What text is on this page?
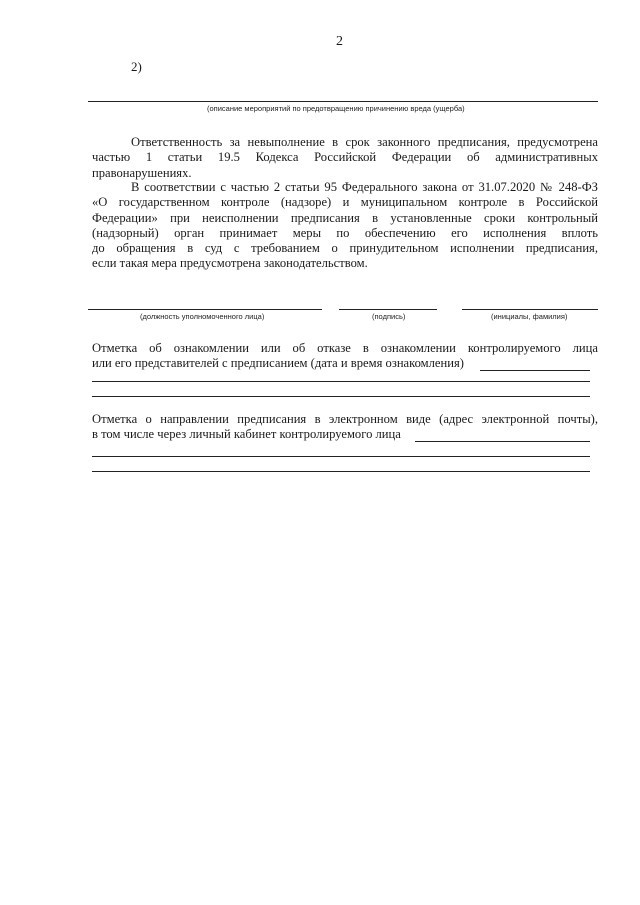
2
2)
(описание мероприятий по предотвращению причинению вреда (ущерба)
Ответственность за невыполнение в срок законного предписания, предусмотрена
частью 1 статьи 19.5 Кодекса Российской Федерации об административных
правонарушениях.
В соответствии с частью 2 статьи 95 Федерального закона от 31.07.2020 № 248-ФЗ
«О государственном контроле (надзоре) и муниципальном контроле в Российской
Федерации» при неисполнении предписания в установленные сроки контрольный
(надзорный) орган принимает меры по обеспечению его исполнения вплоть
до обращения в суд с требованием о принудительном исполнении предписания,
если такая мера предусмотрена законодательством.
(должность уполномоченного лица)	(подпись)	(инициалы, фамилия)
Отметка об ознакомлении или об отказе в ознакомлении контролируемого лица
или его представителей с предписанием (дата и время ознакомления)
Отметка о направлении предписания в электронном виде (адрес электронной почты),
в том числе через личный кабинет контролируемого лица
